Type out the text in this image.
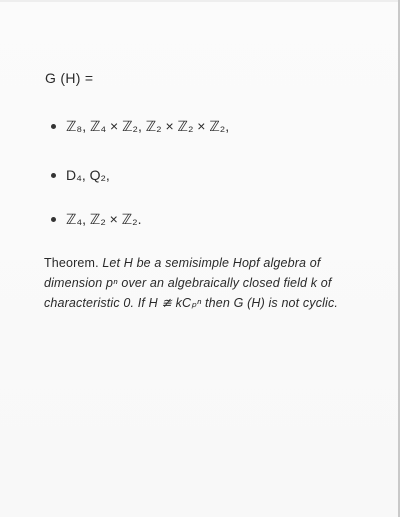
G (H) =
ℤ₈, ℤ₄ × ℤ₂, ℤ₂ × ℤ₂ × ℤ₂,
D₄, Q₂,
ℤ₄, ℤ₂ × ℤ₂.
Theorem. Let H be a semisimple Hopf algebra of dimension pⁿ over an algebraically closed field k of characteristic 0. If H ≇ kCₚⁿ then G (H) is not cyclic.
